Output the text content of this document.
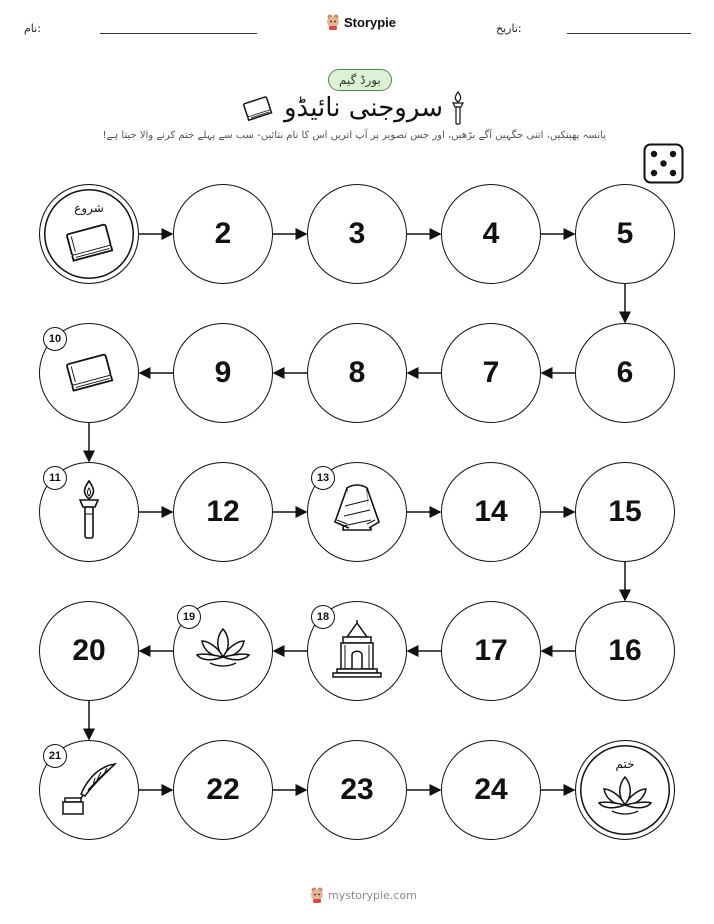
نام:	Storypie	تاریخ:
بورڈ گیم
سروجنی نائیڈو
پانسہ پھینکیں، اتنی جگہیں آگے بڑھیں، اور جس تصویر پر آپ اتریں اس کا نام بتائیں- سب سے پہلے ختم کرنے والا جیتا ہے!
شروع
2	3	4	5
6
7
8
9
10
11
12
13
14	15
16
17
18
19
20
21
22	23	24
ختم
mystorypie.com
